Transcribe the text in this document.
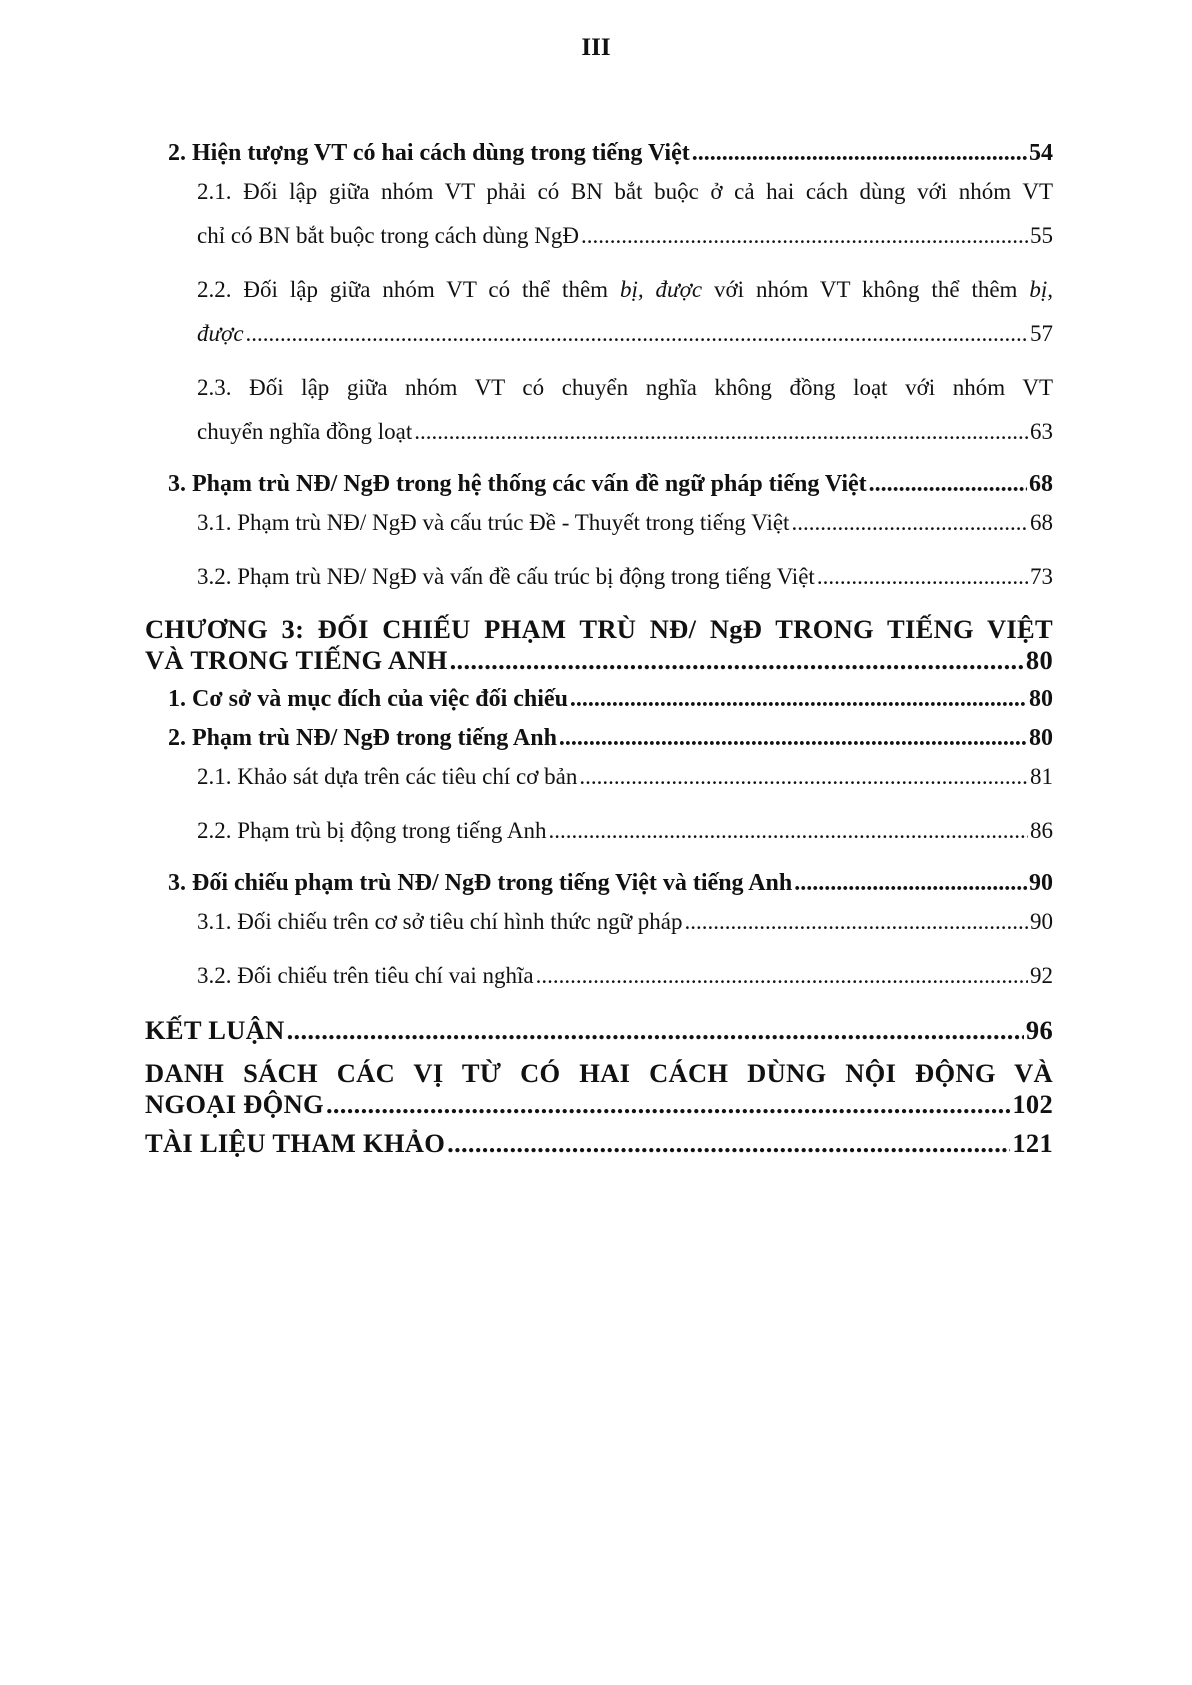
III
2. Hiện tượng VT có hai cách dùng trong tiếng Việt .....	54
2.1. Đối lập giữa nhóm VT phải có BN bắt buộc ở cả hai cách dùng với nhóm VT
chỉ có BN bắt buộc trong cách dùng NgĐ .....	55
2.2. Đối lập giữa nhóm VT có thể thêm bị, được với nhóm VT không thể thêm bị,
được .....	57
2.3. Đối lập giữa nhóm VT có chuyển nghĩa không đồng loạt với nhóm VT
chuyển nghĩa đồng loạt .....	63
3. Phạm trù NĐ/ NgĐ trong hệ thống các vấn đề ngữ pháp tiếng Việt .....	68
3.1. Phạm trù NĐ/ NgĐ và cấu trúc Đề - Thuyết trong tiếng Việt .....	68
3.2. Phạm trù NĐ/ NgĐ và vấn đề cấu trúc bị động trong tiếng Việt .....	73
CHƯƠNG 3: ĐỐI CHIẾU PHẠM TRÙ NĐ/ NgĐ TRONG TIẾNG VIỆT
VÀ TRONG TIẾNG ANH .....	80
1. Cơ sở và mục đích của việc đối chiếu .....	80
2. Phạm trù NĐ/ NgĐ trong tiếng Anh .....	80
2.1. Khảo sát dựa trên các tiêu chí cơ bản .....	81
2.2. Phạm trù bị động trong tiếng Anh .....	86
3. Đối chiếu phạm trù NĐ/ NgĐ trong tiếng Việt và tiếng Anh .....	90
3.1. Đối chiếu trên cơ sở tiêu chí hình thức ngữ pháp .....	90
3.2. Đối chiếu trên tiêu chí vai nghĩa .....	92
KẾT LUẬN .....	96
DANH SÁCH CÁC VỊ TỪ CÓ HAI CÁCH DÙNG NỘI ĐỘNG VÀ
NGOẠI ĐỘNG .....	102
TÀI LIỆU THAM KHẢO .....	121
